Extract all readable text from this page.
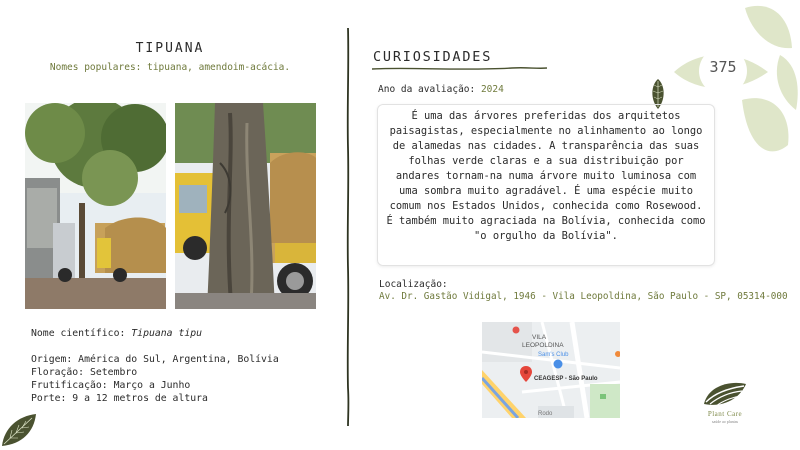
375
TIPUANA
Nomes populares: tipuana, amendoim-acácia.
Nome científico: Tipuana tipu
Origem: América do Sul, Argentina, Bolívia
Floração: Setembro
Frutificação: Março a Junho
Porte: 9 a 12 metros de altura
CURIOSIDADES
Ano da avaliação: 2024
É uma das árvores preferidas dos arquitetos paisagistas, especialmente no alinhamento ao longo de alamedas nas cidades. A transparência das suas folhas verde claras e a sua distribuição por andares tornam-na numa árvore muito luminosa com uma sombra muito agradável. É uma espécie muito comum nos Estados Unidos, conhecida como Rosewood. É também muito agraciada na Bolívia, conhecida como "o orgulho da Bolívia".
Localização:
Av. Dr. Gastão Vidigal, 1946 - Vila Leopoldina, São Paulo - SP, 05314-000
VILA
LEOPOLDINA
Sam's Club
CEAGESP - São Paulo
Rodo	Plant Care
saúde ao plantas
